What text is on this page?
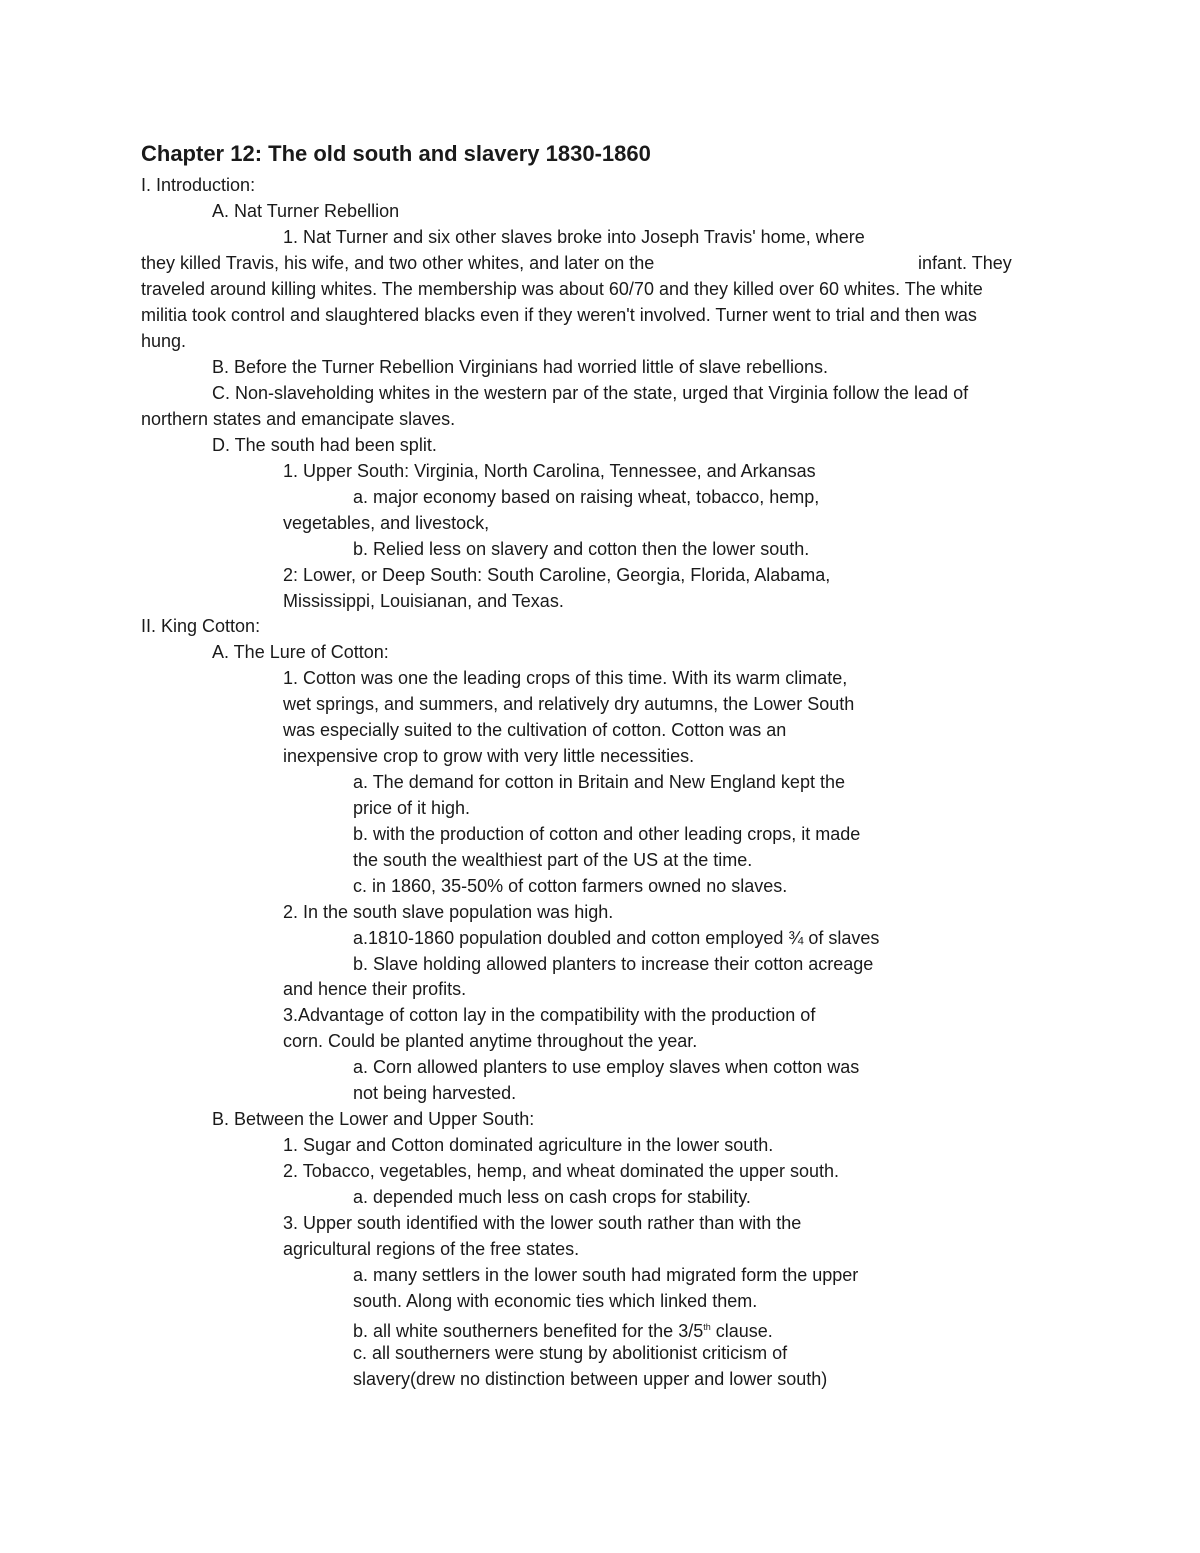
Chapter 12: The old south and slavery 1830-1860
I. Introduction:
A. Nat Turner Rebellion
1. Nat Turner and six other slaves broke into Joseph Travis' home, where
they killed Travis, his wife, and two other whites, and later on the	infant. They
traveled around killing whites. The membership was about 60/70 and they killed over 60 whites. The white
militia took control and slaughtered blacks even if they weren't involved. Turner went to trial and then was
hung.
B. Before the Turner Rebellion Virginians had worried little of slave rebellions.
C. Non-slaveholding whites in the western par of the state, urged that Virginia follow the lead of
northern states and emancipate slaves.
D. The south had been split.
1. Upper South: Virginia, North Carolina, Tennessee, and Arkansas
a. major economy based on raising wheat, tobacco, hemp,
vegetables, and livestock,
b. Relied less on slavery and cotton then the lower south.
2: Lower, or Deep South: South Caroline, Georgia, Florida, Alabama,
Mississippi, Louisianan, and Texas.
II. King Cotton:
A. The Lure of Cotton:
1. Cotton was one the leading crops of this time. With its warm climate,
wet springs, and summers, and relatively dry autumns, the Lower South
was especially suited to the cultivation of cotton. Cotton was an
inexpensive crop to grow with very little necessities.
a. The demand for cotton in Britain and New England kept the
price of it high.
b. with the production of cotton and other leading crops, it made
the south the wealthiest part of the US at the time.
c. in 1860, 35-50% of cotton farmers owned no slaves.
2. In the south slave population was high.
a.1810-1860 population doubled and cotton employed ¾ of slaves
b. Slave holding allowed planters to increase their cotton acreage
and hence their profits.
3.Advantage of cotton lay in the compatibility with the production of
corn. Could be planted anytime throughout the year.
a. Corn allowed planters to use employ slaves when cotton was
not being harvested.
B. Between the Lower and Upper South:
1. Sugar and Cotton dominated agriculture in the lower south.
2. Tobacco, vegetables, hemp, and wheat dominated the upper south.
a. depended much less on cash crops for stability.
3. Upper south identified with the lower south rather than with the
agricultural regions of the free states.
a. many settlers in the lower south had migrated form the upper
south. Along with economic ties which linked them.
b. all white southerners benefited for the 3/5th clause.
c. all southerners were stung by abolitionist criticism of
slavery(drew no distinction between upper and lower south)
